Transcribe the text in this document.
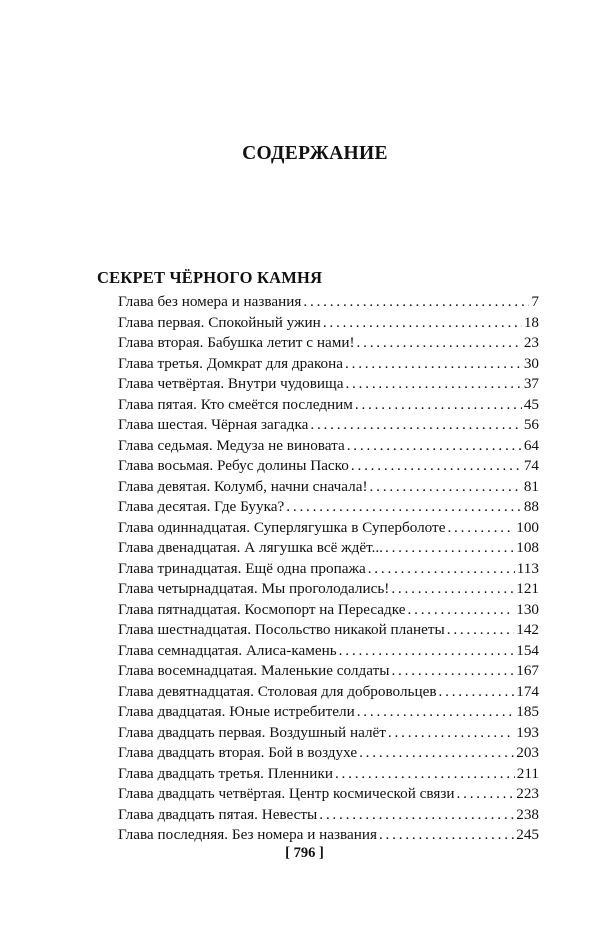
СОДЕРЖАНИЕ
СЕКРЕТ ЧЁРНОГО КАМНЯ
Глава без номера и названия . . .	7
Глава первая. Спокойный ужин . . .	18
Глава вторая. Бабушка летит с нами! . . .	23
Глава третья. Домкрат для дракона . . .	30
Глава четвёртая. Внутри чудовища . . .	37
Глава пятая. Кто смеётся последним . . .	45
Глава шестая. Чёрная загадка . . .	56
Глава седьмая. Медуза не виновата . . .	64
Глава восьмая. Ребус долины Паско . . .	74
Глава девятая. Колумб, начни сначала! . . .	81
Глава десятая. Где Буука? . . .	88
Глава одиннадцатая. Суперлягушка в Суперболоте . . .	100
Глава двенадцатая. А лягушка всё ждёт... . . .	108
Глава тринадцатая. Ещё одна пропажа . . .	113
Глава четырнадцатая. Мы проголодались! . . .	121
Глава пятнадцатая. Космопорт на Пересадке . . .	130
Глава шестнадцатая. Посольство никакой планеты . . .	142
Глава семнадцатая. Алиса-камень . . .	154
Глава восемнадцатая. Маленькие солдаты . . .	167
Глава девятнадцатая. Столовая для добровольцев . . .	174
Глава двадцатая. Юные истребители . . .	185
Глава двадцать первая. Воздушный налёт . . .	193
Глава двадцать вторая. Бой в воздухе . . .	203
Глава двадцать третья. Пленники . . .	211
Глава двадцать четвёртая. Центр космической связи . . .	223
Глава двадцать пятая. Невесты . . .	238
Глава последняя. Без номера и названия . . .	245
[ 796 ]
